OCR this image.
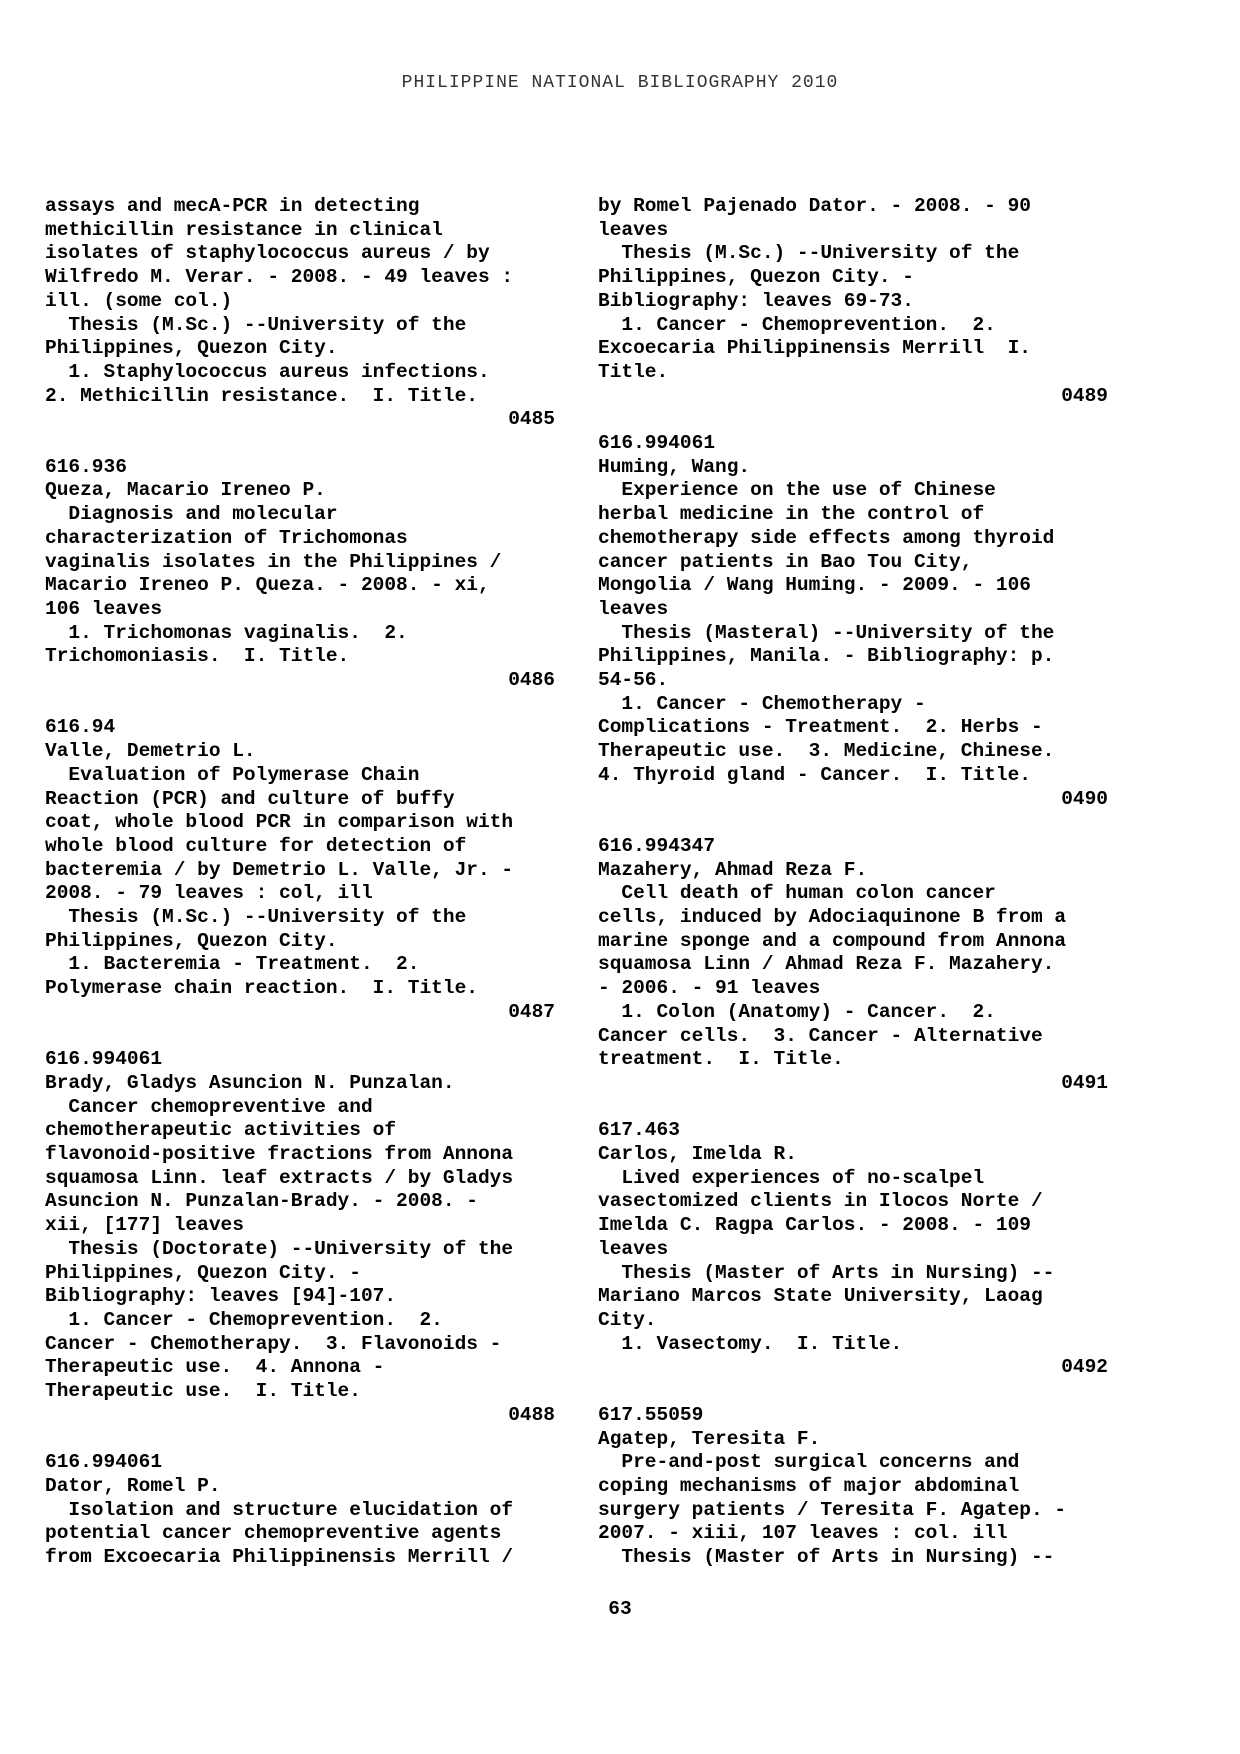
PHILIPPINE NATIONAL BIBLIOGRAPHY 2010
assays and mecA-PCR in detecting
methicillin resistance in clinical
isolates of staphylococcus aureus / by
Wilfredo M. Verar. - 2008. - 49 leaves :
ill. (some col.)
Thesis (M.Sc.) --University of the
Philippines, Quezon City.
1. Staphylococcus aureus infections.
2. Methicillin resistance.  I. Title.
0485
616.936
Queza, Macario Ireneo P.
Diagnosis and molecular
characterization of Trichomonas
vaginalis isolates in the Philippines /
Macario Ireneo P. Queza. - 2008. - xi,
106 leaves
1. Trichomonas vaginalis.  2.
Trichomoniasis.  I. Title.
0486
616.94
Valle, Demetrio L.
Evaluation of Polymerase Chain
Reaction (PCR) and culture of buffy
coat, whole blood PCR in comparison with
whole blood culture for detection of
bacteremia / by Demetrio L. Valle, Jr. -
2008. - 79 leaves : col, ill
Thesis (M.Sc.) --University of the
Philippines, Quezon City.
1. Bacteremia - Treatment.  2.
Polymerase chain reaction.  I. Title.
0487
616.994061
Brady, Gladys Asuncion N. Punzalan.
Cancer chemopreventive and
chemotherapeutic activities of
flavonoid-positive fractions from Annona
squamosa Linn. leaf extracts / by Gladys
Asuncion N. Punzalan-Brady. - 2008. -
xii, [177] leaves
Thesis (Doctorate) --University of the
Philippines, Quezon City. -
Bibliography: leaves [94]-107.
1. Cancer - Chemoprevention.  2.
Cancer - Chemotherapy.  3. Flavonoids -
Therapeutic use.  4. Annona -
Therapeutic use.  I. Title.
0488
616.994061
Dator, Romel P.
Isolation and structure elucidation of
potential cancer chemopreventive agents
from Excoecaria Philippinensis Merrill /
by Romel Pajenado Dator. - 2008. - 90
leaves
Thesis (M.Sc.) --University of the
Philippines, Quezon City. -
Bibliography: leaves 69-73.
1. Cancer - Chemoprevention.  2.
Excoecaria Philippinensis Merrill  I.
Title.
0489
616.994061
Huming, Wang.
Experience on the use of Chinese
herbal medicine in the control of
chemotherapy side effects among thyroid
cancer patients in Bao Tou City,
Mongolia / Wang Huming. - 2009. - 106
leaves
Thesis (Masteral) --University of the
Philippines, Manila. - Bibliography: p.
54-56.
1. Cancer - Chemotherapy -
Complications - Treatment.  2. Herbs -
Therapeutic use.  3. Medicine, Chinese.
4. Thyroid gland - Cancer.  I. Title.
0490
616.994347
Mazahery, Ahmad Reza F.
Cell death of human colon cancer
cells, induced by Adociaquinone B from a
marine sponge and a compound from Annona
squamosa Linn / Ahmad Reza F. Mazahery.
- 2006. - 91 leaves
1. Colon (Anatomy) - Cancer.  2.
Cancer cells.  3. Cancer - Alternative
treatment.  I. Title.
0491
617.463
Carlos, Imelda R.
Lived experiences of no-scalpel
vasectomized clients in Ilocos Norte /
Imelda C. Ragpa Carlos. - 2008. - 109
leaves
Thesis (Master of Arts in Nursing) --
Mariano Marcos State University, Laoag
City.
1. Vasectomy.  I. Title.
0492
617.55059
Agatep, Teresita F.
Pre-and-post surgical concerns and
coping mechanisms of major abdominal
surgery patients / Teresita F. Agatep. -
2007. - xiii, 107 leaves : col. ill
Thesis (Master of Arts in Nursing) --
63
